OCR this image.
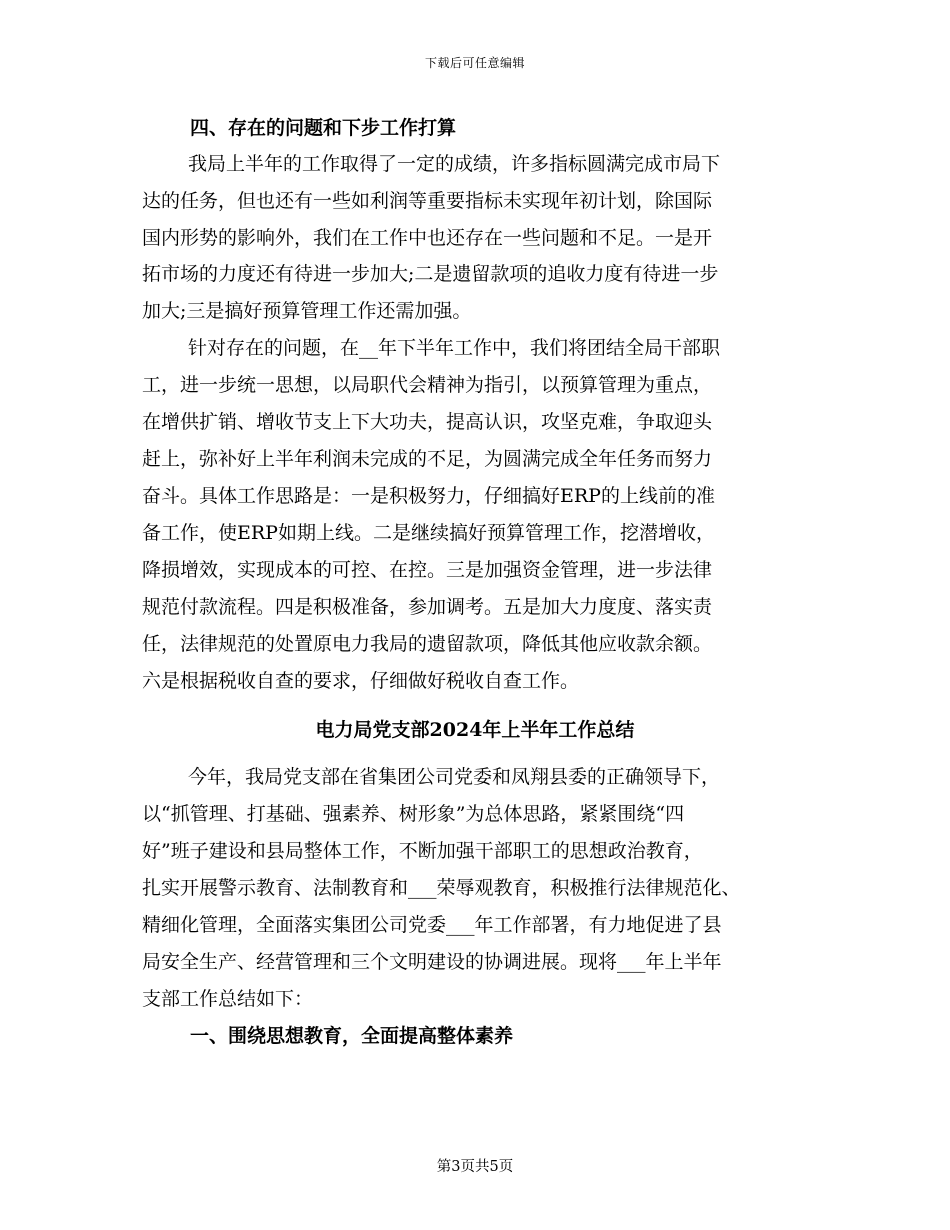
下载后可任意编辑
四、存在的问题和下步工作打算
我局上半年的工作取得了一定的成绩，许多指标圆满完成市局下
达的任务，但也还有一些如利润等重要指标未实现年初计划，除国际
国内形势的影响外，我们在工作中也还存在一些问题和不足。一是开
拓市场的力度还有待进一步加大;二是遗留款项的追收力度有待进一步
加大;三是搞好预算管理工作还需加强。
针对存在的问题，在__年下半年工作中，我们将团结全局干部职
工，进一步统一思想，以局职代会精神为指引，以预算管理为重点，
在增供扩销、增收节支上下大功夫，提高认识，攻坚克难，争取迎头
赶上，弥补好上半年利润未完成的不足，为圆满完成全年任务而努力
奋斗。具体工作思路是：一是积极努力，仔细搞好ERP的上线前的准
备工作，使ERP如期上线。二是继续搞好预算管理工作，挖潜增收，
降损增效，实现成本的可控、在控。三是加强资金管理，进一步法律
规范付款流程。四是积极准备，参加调考。五是加大力度度、落实责
任，法律规范的处置原电力我局的遗留款项，降低其他应收款余额。
六是根据税收自查的要求，仔细做好税收自查工作。
电力局党支部2024年上半年工作总结
今年，我局党支部在省集团公司党委和凤翔县委的正确领导下，
以“抓管理、打基础、强素养、树形象”为总体思路，紧紧围绕“四
好”班子建设和县局整体工作，不断加强干部职工的思想政治教育，
扎实开展警示教育、法制教育和___荣辱观教育，积极推行法律规范化、
精细化管理，全面落实集团公司党委___年工作部署，有力地促进了县
局安全生产、经营管理和三个文明建设的协调进展。现将___年上半年
支部工作总结如下：
一、围绕思想教育，全面提高整体素养
第3页共5页
